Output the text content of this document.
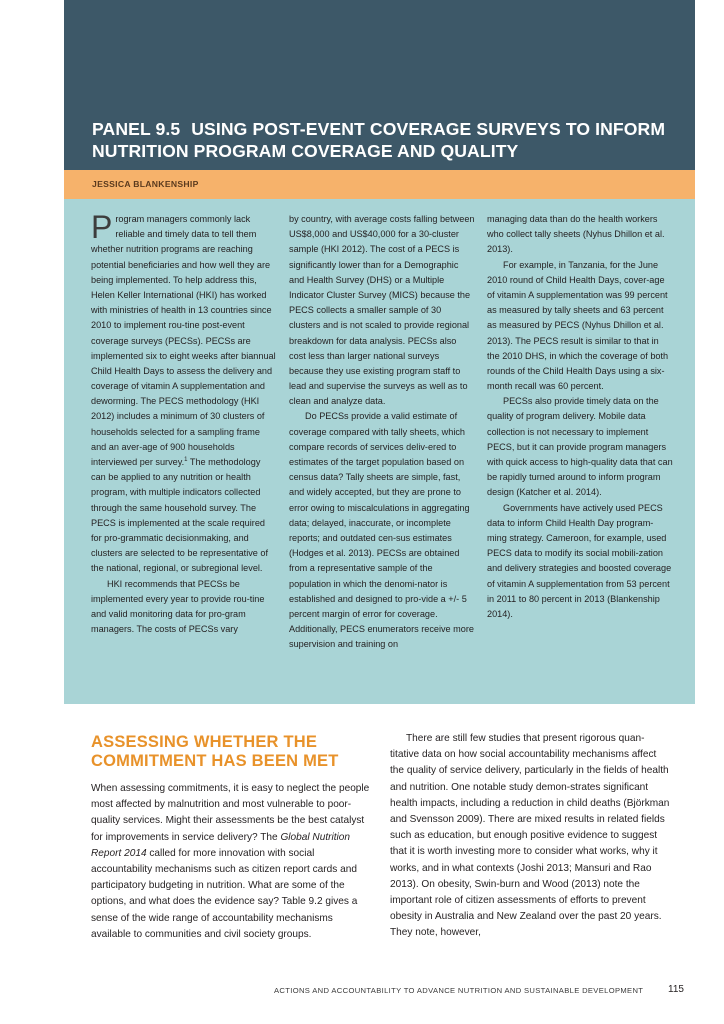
PANEL 9.5 USING POST-EVENT COVERAGE SURVEYS TO INFORM NUTRITION PROGRAM COVERAGE AND QUALITY
JESSICA BLANKENSHIP

Program managers commonly lack reliable and timely data to tell them whether nutrition programs are reaching potential beneficiaries and how well they are being implemented. To help address this, Helen Keller International (HKI) has worked with ministries of health in 13 countries since 2010 to implement rou-tine post-event coverage surveys (PECSs). PECSs are implemented six to eight weeks after biannual Child Health Days to assess the delivery and coverage of vitamin A supplementation and deworming. The PECS methodology (HKI 2012) includes a minimum of 30 clusters of households selected for a sampling frame and an aver-age of 900 households interviewed per survey.$^1$ The methodology can be applied to any nutrition or health program, with multiple indicators collected through the same household survey. The PECS is implemented at the scale required for pro-grammatic decisionmaking, and clusters are selected to be representative of the national, regional, or subregional level.

HKI recommends that PECSs be implemented every year to provide rou-tine and valid monitoring data for pro-gram managers. The costs of PECSs vary

by country, with average costs falling between US$8,000 and US$40,000 for a 30-cluster sample (HKI 2012). The cost of a PECS is significantly lower than for a Demographic and Health Survey (DHS) or a Multiple Indicator Cluster Survey (MICS) because the PECS collects a smaller sample of 30 clusters and is not scaled to provide regional breakdown for data analysis. PECSs also cost less than larger national surveys because they use existing program staff to lead and supervise the surveys as well as to clean and analyze data.

Do PECSs provide a valid estimate of coverage compared with tally sheets, which compare records of services deliv-ered to estimates of the target population based on census data? Tally sheets are simple, fast, and widely accepted, but they are prone to error owing to miscalculations in aggregating data; delayed, inaccurate, or incomplete reports; and outdated cen-sus estimates (Hodges et al. 2013). PECSs are obtained from a representative sample of the population in which the denomi-nator is established and designed to pro-vide a +/- 5 percent margin of error for coverage. Additionally, PECS enumerators receive more supervision and training on

managing data than do the health workers who collect tally sheets (Nyhus Dhillon et al. 2013).

For example, in Tanzania, for the June 2010 round of Child Health Days, cover-age of vitamin A supplementation was 99 percent as measured by tally sheets and 63 percent as measured by PECS (Nyhus Dhillon et al. 2013). The PECS result is similar to that in the 2010 DHS, in which the coverage of both rounds of the Child Health Days using a six-month recall was 60 percent.

PECSs also provide timely data on the quality of program delivery. Mobile data collection is not necessary to implement PECS, but it can provide program managers with quick access to high-quality data that can be rapidly turned around to inform program design (Katcher et al. 2014).

Governments have actively used PECS data to inform Child Health Day program-ming strategy. Cameroon, for example, used PECS data to modify its social mobili-zation and delivery strategies and boosted coverage of vitamin A supplementation from 53 percent in 2011 to 80 percent in 2013 (Blankenship 2014).

ASSESSING WHETHER THE COMMITMENT HAS BEEN MET

When assessing commitments, it is easy to neglect the people most affected by malnutrition and most vulnerable to poor-quality services. Might their assessments be the best catalyst for improvements in service delivery? The Global Nutrition Report 2014 called for more innovation with social accountability mechanisms such as citizen report cards and participatory budgeting in nutrition. What are some of the options, and what does the evidence say? Table 9.2 gives a sense of the wide range of accountability mechanisms available to communities and civil society groups.

There are still few studies that present rigorous quan-titative data on how social accountability mechanisms affect the quality of service delivery, particularly in the fields of health and nutrition. One notable study demon-strates significant health impacts, including a reduction in child deaths (Björkman and Svensson 2009). There are mixed results in related fields such as education, but enough positive evidence to suggest that it is worth investing more to consider what works, why it works, and in what contexts (Joshi 2013; Mansuri and Rao 2013). On obesity, Swin-burn and Wood (2013) note the important role of citizen assessments of efforts to prevent obesity in Australia and New Zealand over the past 20 years. They note, however,

ACTIONS AND ACCOUNTABILITY TO ADVANCE NUTRITION AND SUSTAINABLE DEVELOPMENT	115
